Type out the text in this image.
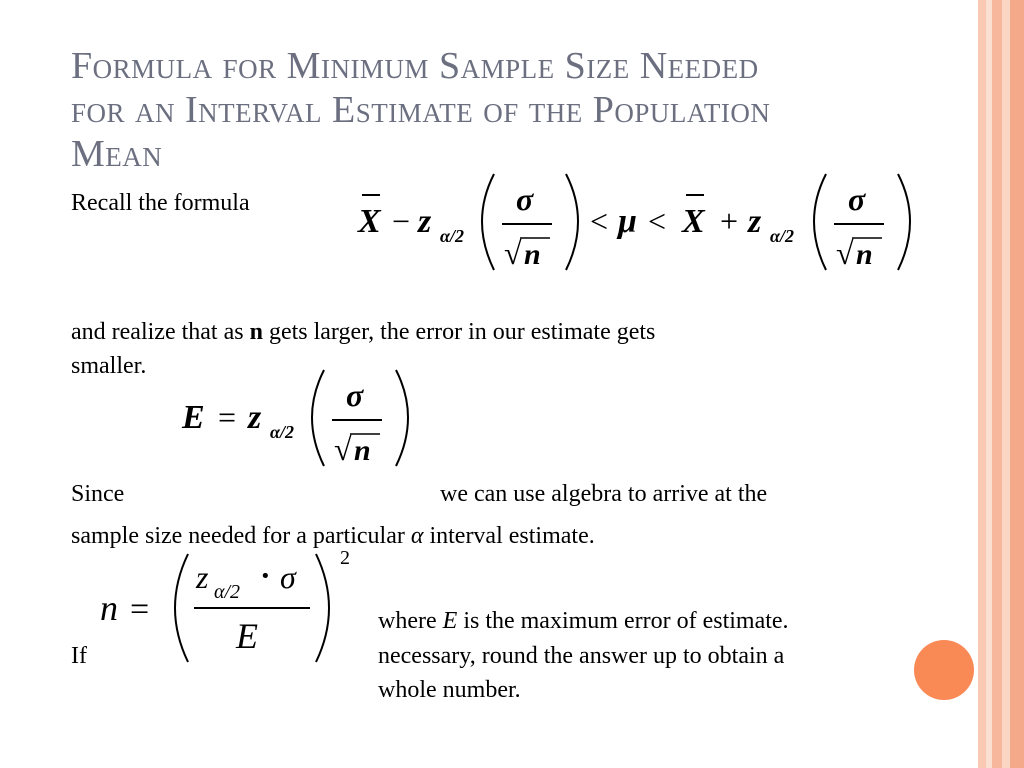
Formula for Minimum Sample Size Needed
for an Interval Estimate of the Population
Mean
Recall the formula	X − z α/2
σ
√ n
< μ < X + z α/2
σ
√ n
and realize that as n gets larger, the error in our estimate gets
smaller.
E = z α/2
σ
√ n
Since	we can use algebra to arrive at the
sample size needed for a particular α interval estimate.
n =
z α/2 · σ
E
2
where E is the maximum error of estimate.
If	necessary, round the answer up to obtain a
whole number.
